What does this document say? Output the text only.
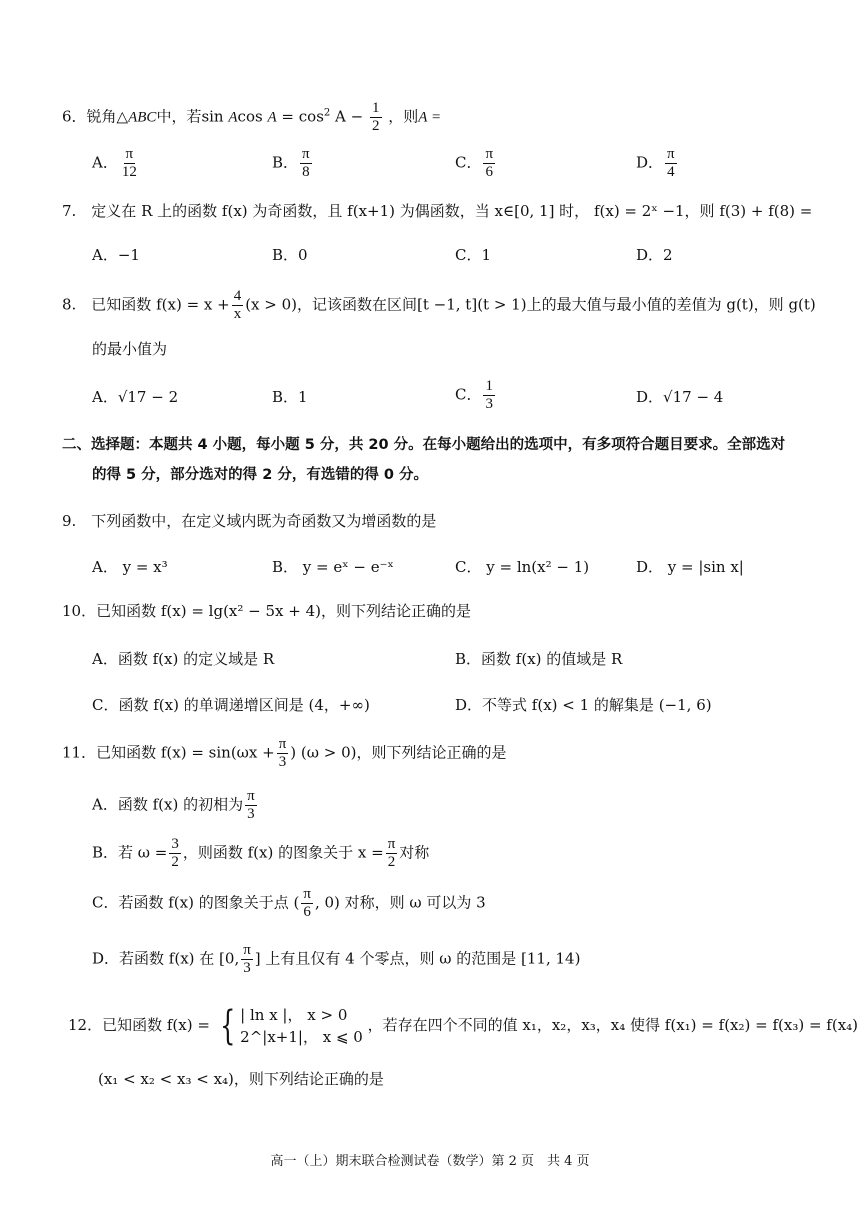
6．锐角△ABC中，若sin Acos $A = \cos^2 A - \frac{1}{2}$ ，则A =
A． $\frac{\pi}{12}$	B． $\frac{\pi}{8}$	C． $\frac{\pi}{6}$	D． $\frac{\pi}{4}$
7.　定义在 R 上的函数 f(x) 为奇函数，且 f(x+1) 为偶函数，当 x∈[0, 1] 时， f(x) = 2ˣ −1，则 f(3) + f(8) =
A．−1	B．0	C．1	D．2
8.　已知函数 $f(x) = x + \frac{4}{x} (x > 0)$，记该函数在区间[t −1, t](t > 1)上的最大值与最小值的差值为 g(t)，则 g(t)
的最小值为
A．√17 − 2	B．1	C． $\frac{1}{3}$	D．√17 − 4
二、选择题：本题共 4 小题，每小题 5 分，共 20 分。在每小题给出的选项中，有多项符合题目要求。全部选对
的得 5 分，部分选对的得 2 分，有选错的得 0 分。
9.　下列函数中，在定义域内既为奇函数又为增函数的是
A． y = x³	B． y = eˣ − e⁻ˣ	C． y = ln(x² − 1)	D． y = |sin x|
10．已知函数 f(x) = lg(x² − 5x + 4)，则下列结论正确的是
A．函数 f(x) 的定义域是 R	B．函数 f(x) 的值域是 R
C．函数 f(x) 的单调递增区间是 (4，+∞)	D．不等式 f(x) < 1 的解集是 (−1, 6)
11．已知函数 $f(x) = \sin(\omega x + \frac{\pi}{3}$ ) (ω > 0)，则下列结论正确的是
A．函数 f(x) 的初相为 $\frac{\pi}{3}$
B．若 $\omega = \frac{3}{2}$ ，则函数 f(x) 的图象关于 $x = \frac{\pi}{2}$ 对称
C．若函数 f(x) 的图象关于点 ( $\frac{\pi}{6}$ , 0) 对称，则 ω 可以为 3
D．若函数 f(x) 在 [0, $\frac{\pi}{3}$ ] 上有且仅有 4 个零点，则 ω 的范围是 [11, 14)
12．已知函数 f(x) = { | ln x |， x > 0
2^|x+1|， x ⩽ 0
，若存在四个不同的值 x₁，x₂，x₃，x₄ 使得 f(x₁) = f(x₂) = f(x₃) = f(x₄)
(x₁ < x₂ < x₃ < x₄)，则下列结论正确的是
高一（上）期末联合检测试卷（数学）第 2 页　共 4 页
